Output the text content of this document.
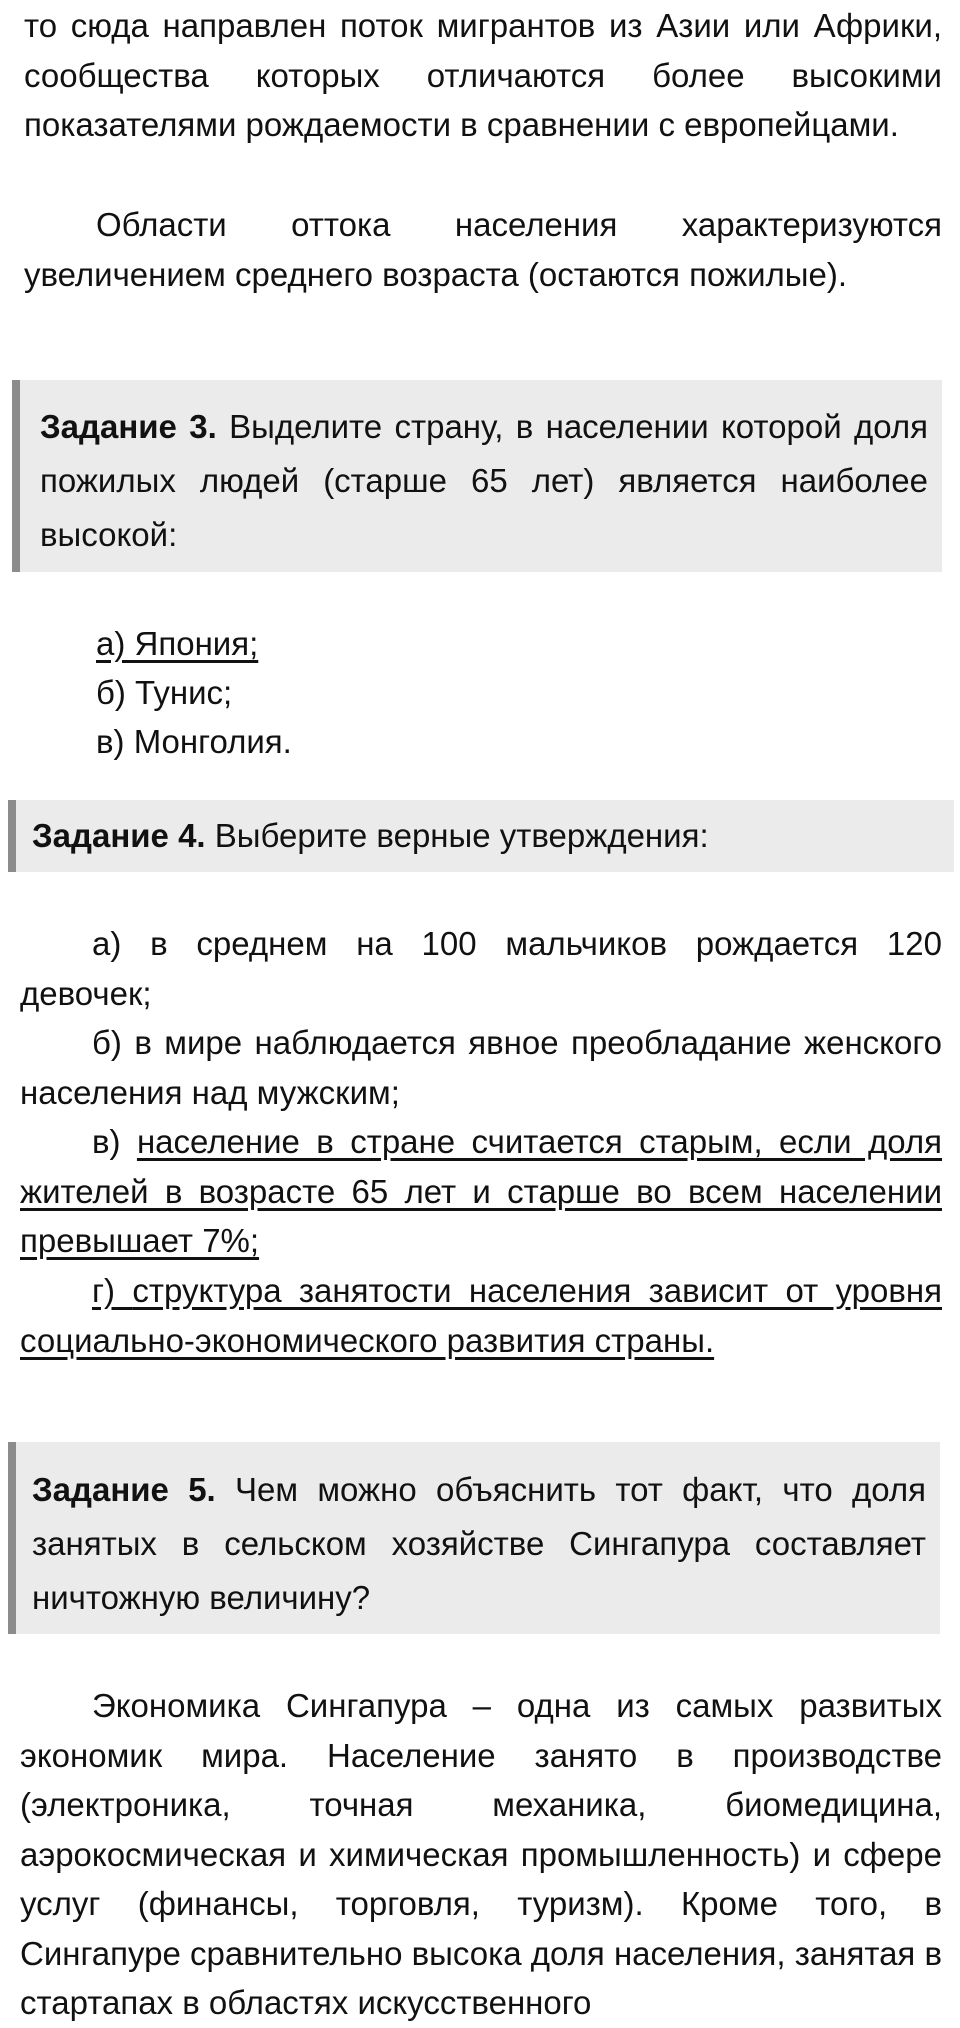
то сюда направлен поток мигрантов из Азии или Африки, сообщества которых отличаются более высокими показателями рождаемости в сравнении с европейцами.

Области оттока населения характеризуются увеличением среднего возраста (остаются пожилые).

Задание 3. Выделите страну, в населении которой доля пожилых людей (старше 65 лет) является наиболее высокой:

а) Япония;

б) Тунис;

в) Монголия.

Задание 4. Выберите верные утверждения:

а) в среднем на 100 мальчиков рождается 120 девочек;

б) в мире наблюдается явное преобладание женского населения над мужским;

в) население в стране считается старым, если доля жителей в возрасте 65 лет и старше во всем населении превышает 7%;

г) структура занятости населения зависит от уровня социально-экономического развития страны.

Задание 5. Чем можно объяснить тот факт, что доля занятых в сельском хозяйстве Сингапура составляет ничтожную величину?

Экономика Сингапура – одна из самых развитых экономик мира. Население занято в производстве (электроника, точная механика, биомедицина, аэрокосмическая и химическая промышленность) и сфере услуг (финансы, торговля, туризм). Кроме того, в Сингапуре сравнительно высока доля населения, занятая в стартапах в областях искусственного
